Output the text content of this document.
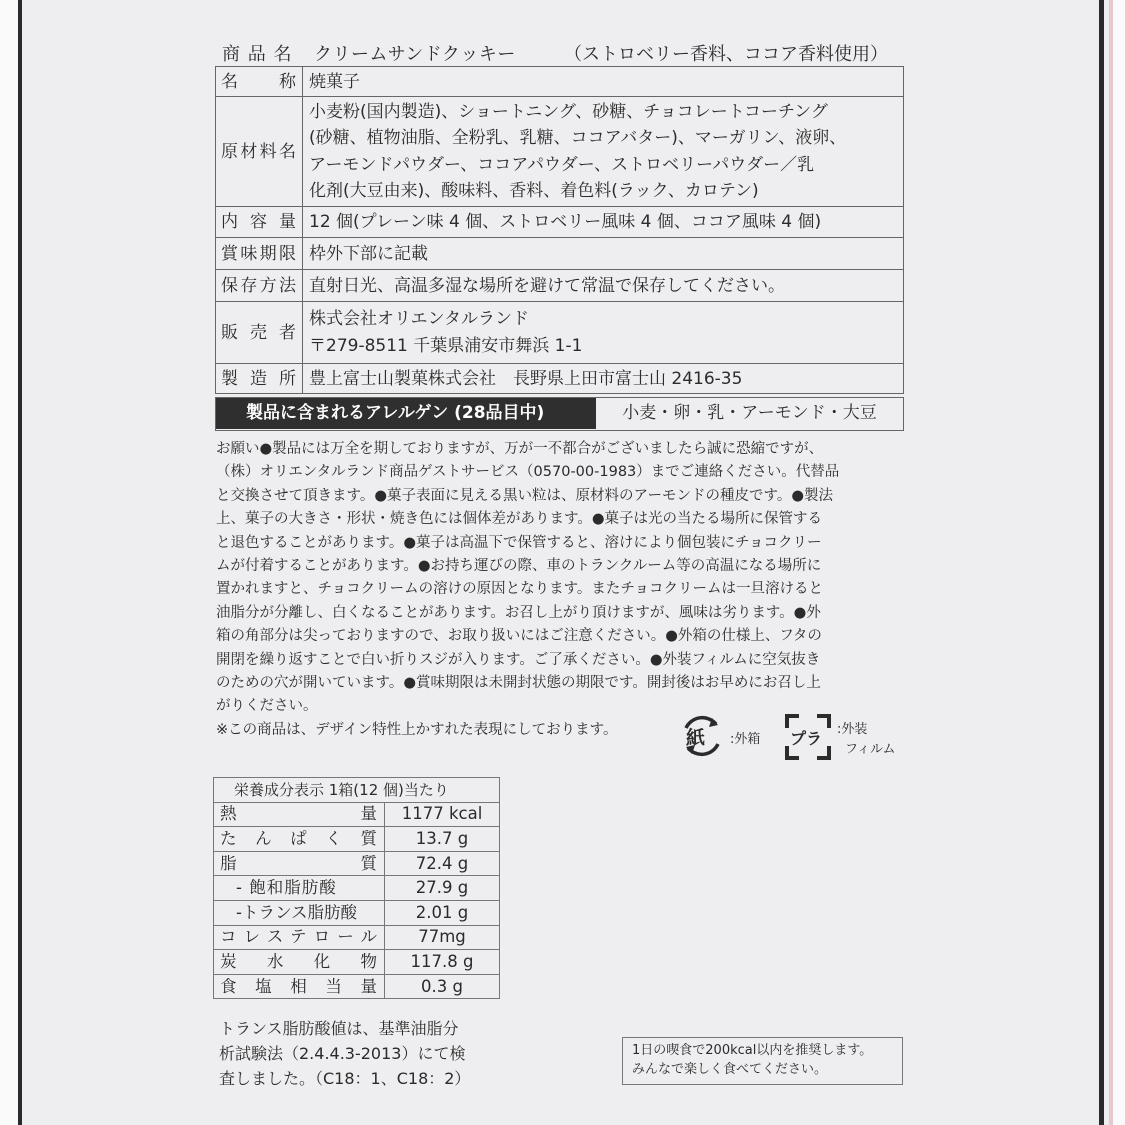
商 品 名 クリームサンドクッキー	（ストロベリー香料、ココア香料使用）
名　称	焼菓子
原材料名	小麦粉(国内製造)、ショートニング、砂糖、チョコレートコーチング
(砂糖、植物油脂、全粉乳、乳糖、ココアバター)、マーガリン、液卵、
アーモンドパウダー、ココアパウダー、ストロベリーパウダー／乳
化剤(大豆由来)、酸味料、香料、着色料(ラック、カロテン)

内 容 量	12 個(プレーン味 4 個、ストロベリー風味 4 個、ココア風味 4 個)
賞味期限	枠外下部に記載
保存方法	直射日光、高温多湿な場所を避けて常温で保存してください。
販 売 者	株式会社オリエンタルランド
〒279-8511 千葉県浦安市舞浜 1-1

製 造 所	豊上富士山製菓株式会社　長野県上田市富士山 2416-35
製品に含まれるアレルゲン (28品目中)	小麦・卵・乳・アーモンド・大豆
お願い●製品には万全を期しておりますが、万が一不都合がございましたら誠に恐縮ですが、
（株）オリエンタルランド商品ゲストサービス（0570-00-1983）までご連絡ください。代替品
と交換させて頂きます。●菓子表面に見える黒い粒は、原材料のアーモンドの種皮です。●製法
上、菓子の大きさ・形状・焼き色には個体差があります。●菓子は光の当たる場所に保管する
と退色することがあります。●菓子は高温下で保管すると、溶けにより個包装にチョコクリー
ムが付着することがあります。●お持ち運びの際、車のトランクルーム等の高温になる場所に
置かれますと、チョコクリームの溶けの原因となります。またチョコクリームは一旦溶けると
油脂分が分離し、白くなることがあります。お召し上がり頂けますが、風味は劣ります。●外
箱の角部分は尖っておりますので、お取り扱いにはご注意ください。●外箱の仕様上、フタの
開閉を繰り返すことで白い折りスジが入ります。ご了承ください。●外装フィルムに空気抜き
のための穴が開いています。●賞味期限は未開封状態の期限です。開封後はお早めにお召し上
がりください。
※この商品は、デザイン特性上かすれた表現にしております。	紙 :外箱 プラ :外装
フィルム
栄養成分表示 1箱(12 個)当たり	
熱　　　　量	1177 kcal
たんぱく質	13.7 g
脂　　　　質	72.4 g
- 飽和脂肪酸	27.9 g
-トランス脂肪酸	2.01 g
コレステロール	77mg
炭水化物	117.8 g
食塩相当量	0.3 g
トランス脂肪酸値は、基準油脂分
析試験法（2.4.4.3-2013）にて検
査しました。（C18：1、C18：2）
1日の喫食で200kcal以内を推奨します。
みんなで楽しく食べてください。
